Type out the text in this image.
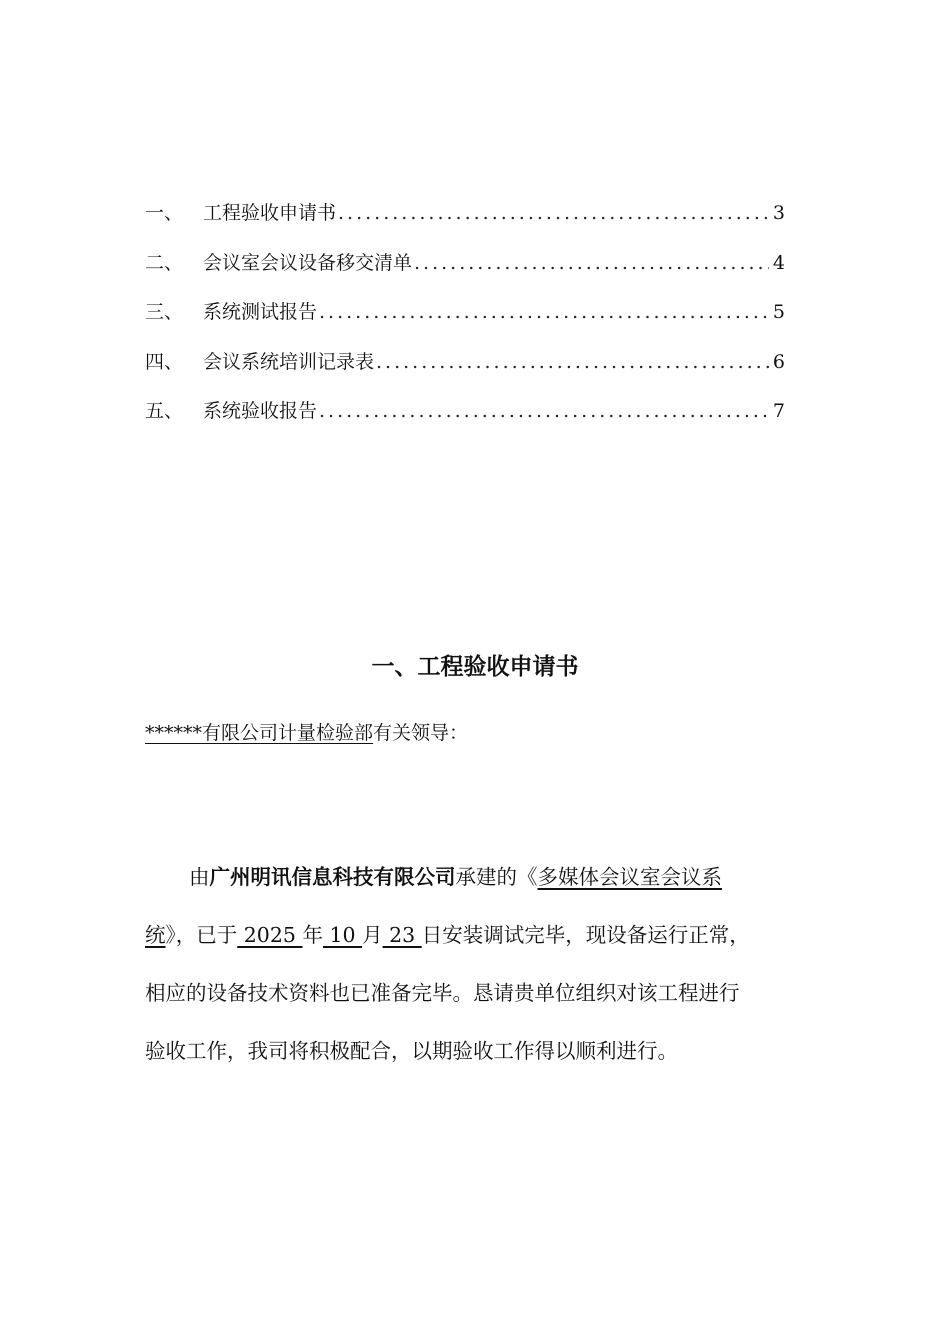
一、	工程验收申请书 .....	3
二、	会议室会议设备移交清单 .....	4
三、	系统测试报告 .....	5
四、	会议系统培训记录表 .....	6
五、	系统验收报告 .....	7
一、工程验收申请书
******有限公司计量检验部有关领导：
由广州明讯信息科技有限公司承建的《多媒体会议室会议系
统》，已于 2025 年 10 月 23 日安装调试完毕，现设备运行正常，
相应的设备技术资料也已准备完毕。恳请贵单位组织对该工程进行
验收工作，我司将积极配合，以期验收工作得以顺利进行。
